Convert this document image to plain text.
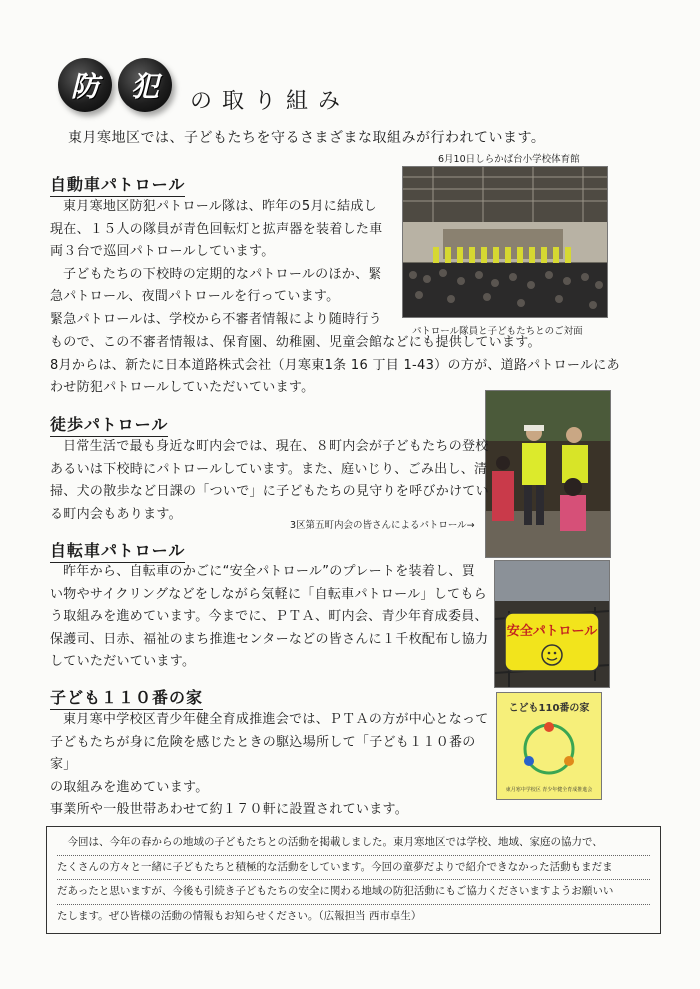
防 犯 の取り組み
東月寒地区では、子どもたちを守るさまざまな取組みが行われています。
6月10日しらかば台小学校体育館
パトロール隊員と子どもたちとのご対面
自動車パトロール

東月寒地区防犯パトロール隊は、昨年の5月に結成し

現在、１５人の隊員が青色回転灯と拡声器を装着した車

両３台で巡回パトロールしています。

子どもたちの下校時の定期的なパトロールのほか、緊

急パトロール、夜間パトロールを行っています。

緊急パトロールは、学校から不審者情報により随時行う

もので、この不審者情報は、保育園、幼稚園、児童会館などにも提供しています。

8月からは、新たに日本道路株式会社（月寒東1条 16 丁目 1-43）の方が、道路パトロールにあ

わせ防犯パトロールしていただいています。

徒歩パトロール

日常生活で最も身近な町内会では、現在、８町内会が子どもたちの登校

あるいは下校時にパトロールしています。また、庭いじり、ごみ出し、清

掃、犬の散歩など日課の「ついで」に子どもたちの見守りを呼びかけてい

る町内会もあります。

3区第五町内会の皆さんによるパトロール→
安全パトロール
自転車パトロール

昨年から、自転車のかごに“安全パトロール”のプレートを装着し、買

い物やサイクリングなどをしながら気軽に「自転車パトロール」してもら

う取組みを進めています。今までに、ＰＴＡ、町内会、青少年育成委員、

保護司、日赤、福祉のまち推進センターなどの皆さんに１千枚配布し協力

していただいています。

こども110番の家
東月寒中学校区 青少年健全育成推進会
子ども１１０番の家

東月寒中学校区青少年健全育成推進会では、ＰＴＡの方が中心となって

子どもたちが身に危険を感じたときの駆込場所して「子ども１１０番の家」

の取組みを進めています。

事業所や一般世帯あわせて約１７０軒に設置されています。

今回は、今年の春からの地域の子どもたちとの活動を掲載しました。東月寒地区では学校、地域、家庭の協力で、

たくさんの方々と一緒に子どもたちと積極的な活動をしています。今回の童夢だよりで紹介できなかった活動もまだま

だあったと思いますが、今後も引続き子どもたちの安全に関わる地域の防犯活動にもご協力くださいますようお願いい

たします。ぜひ皆様の活動の情報もお知らせください。（広報担当 西市卓生）
